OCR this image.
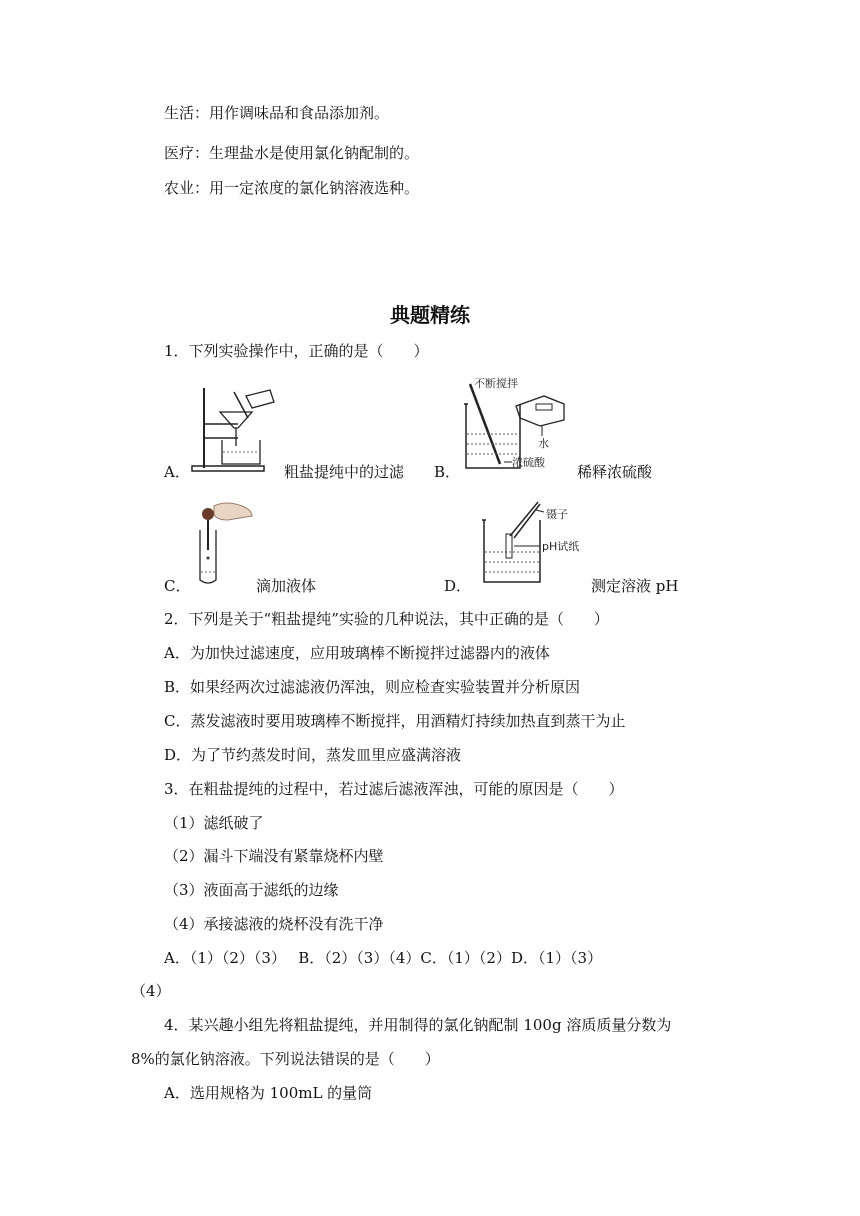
生活：用作调味品和食品添加剂。
医疗：生理盐水是使用氯化钠配制的。
农业：用一定浓度的氯化钠溶液选种。
典题精练
1．下列实验操作中，正确的是（　　）
A．	粗盐提纯中的过滤
不断搅拌
水
浓硫酸
B．	稀释浓硫酸
C．	滴加液体
镊子
pH试纸
D．	测定溶液 pH
2．下列是关于“粗盐提纯”实验的几种说法，其中正确的是（　　）
A．为加快过滤速度，应用玻璃棒不断搅拌过滤器内的液体
B．如果经两次过滤滤液仍浑浊，则应检查实验装置并分析原因
C．蒸发滤液时要用玻璃棒不断搅拌，用酒精灯持续加热直到蒸干为止
D．为了节约蒸发时间，蒸发皿里应盛满溶液
3．在粗盐提纯的过程中，若过滤后滤液浑浊，可能的原因是（　　）
（1）滤纸破了
（2）漏斗下端没有紧靠烧杯内壁
（3）液面高于滤纸的边缘
（4）承接滤液的烧杯没有洗干净
A．（1）（2）（3）　 B．（2）（3）（4）C．（1）（2）D．（1）（3）
（4）
4．某兴趣小组先将粗盐提纯，并用制得的氯化钠配制 100g 溶质质量分数为
8%的氯化钠溶液。下列说法错误的是（　　）
A．选用规格为 100mL 的量筒
